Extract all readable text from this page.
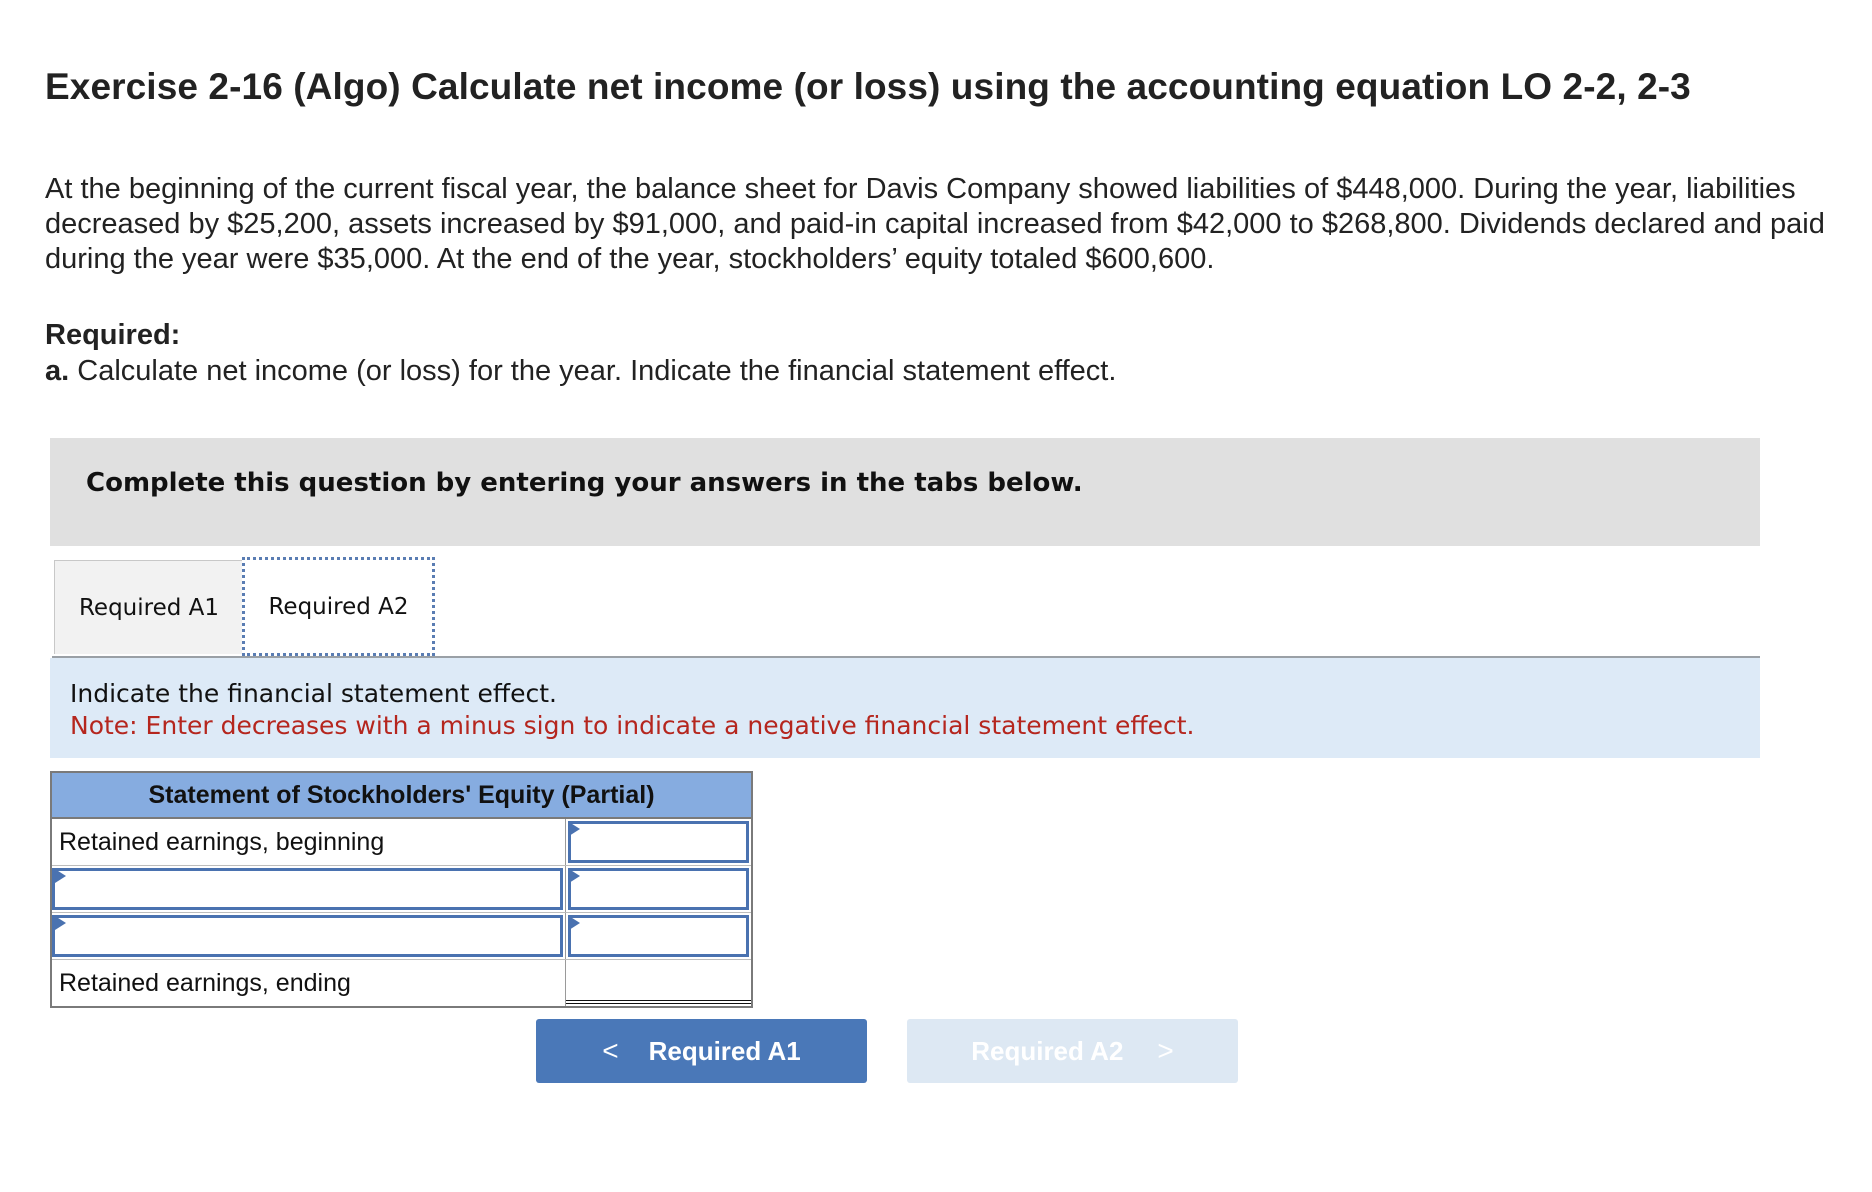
Exercise 2-16 (Algo) Calculate net income (or loss) using the accounting equation LO 2-2, 2-3

At the beginning of the current fiscal year, the balance sheet for Davis Company showed liabilities of $448,000. During the year, liabilities decreased by $25,200, assets increased by $91,000, and paid-in capital increased from $42,000 to $268,800. Dividends declared and paid during the year were $35,000. At the end of the year, stockholders’ equity totaled $600,600.

Required:
a. Calculate net income (or loss) for the year. Indicate the financial statement effect.
Complete this question by entering your answers in the tabs below.
Required A1	Required A2
Indicate the financial statement effect.
Note: Enter decreases with a minus sign to indicate a negative financial statement effect.
Statement of Stockholders' Equity (Partial)
Retained earnings, beginning
Retained earnings, ending
< Required A1	Required A2 >
